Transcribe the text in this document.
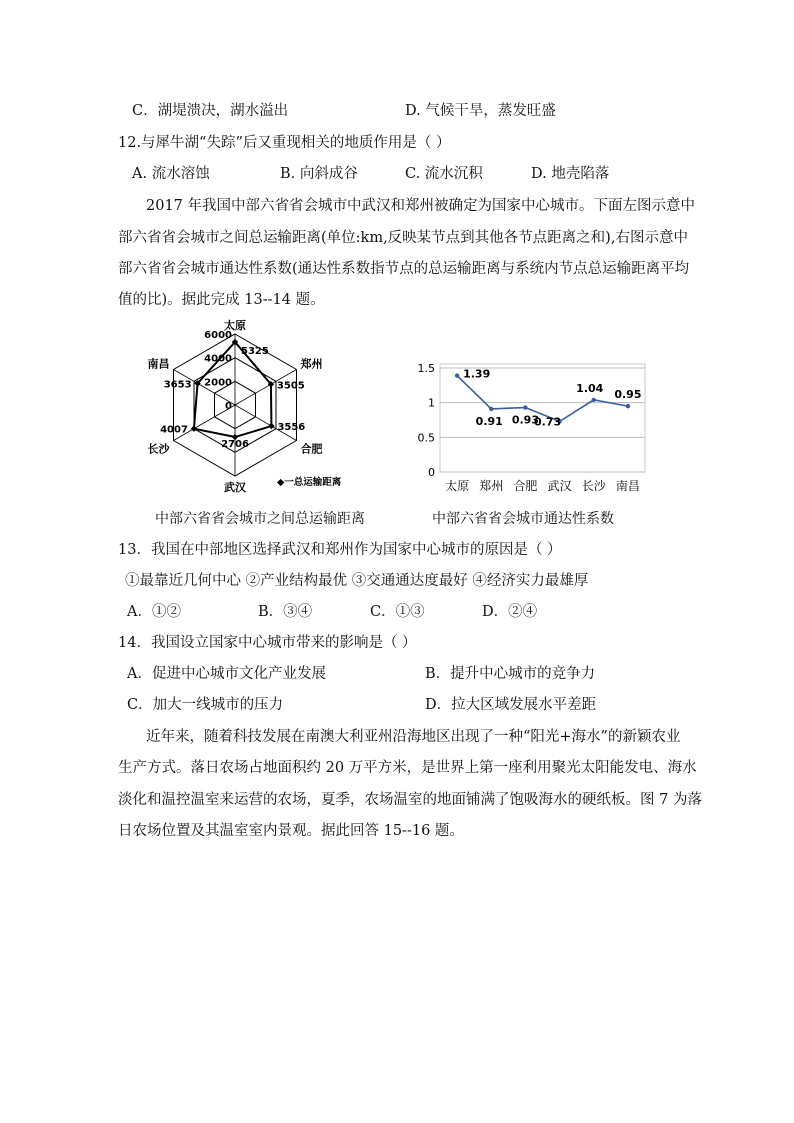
C．湖堤溃决，湖水溢出	D. 气候干旱，蒸发旺盛
12.与犀牛湖“失踪”后又重现相关的地质作用是（ ）
A. 流水溶蚀	B. 向斜成谷	C. 流水沉积	D. 地壳陷落
2017 年我国中部六省省会城市中武汉和郑州被确定为国家中心城市。下面左图示意中
部六省省会城市之间总运输距离(单位:km,反映某节点到其他各节点距离之和),右图示意中
部六省省会城市通达性系数(通达性系数指节点的总运输距离与系统内节点总运输距离平均
值的比)。据此完成 13--14 题。
6000
4000
2000
0
5325
3505
3556
2706
4007
3653
太原
郑州
合肥
武汉
长沙
南昌
◆一总运输距离
0
0.5
1
1.5	1.39
0.91 0.93
0.73
1.04 0.95
太原 郑州 合肥 武汉 长沙 南昌
中部六省省会城市之间总运输距离	中部六省省会城市通达性系数
13．我国在中部地区选择武汉和郑州作为国家中心城市的原因是（ ）
①最靠近几何中心 ②产业结构最优 ③交通通达度最好 ④经济实力最雄厚
A．①②	B．③④	C．①③	D．②④
14．我国设立国家中心城市带来的影响是（ ）
A．促进中心城市文化产业发展	B．提升中心城市的竞争力
C．加大一线城市的压力	D．拉大区域发展水平差距
近年来，随着科技发展在南澳大利亚州沿海地区出现了一种“阳光+海水”的新颖农业
生产方式。落日农场占地面积约 20 万平方米，是世界上第一座利用聚光太阳能发电、海水
淡化和温控温室来运营的农场，夏季，农场温室的地面铺满了饱吸海水的硬纸板。图 7 为落
日农场位置及其温室室内景观。据此回答 15--16 题。
